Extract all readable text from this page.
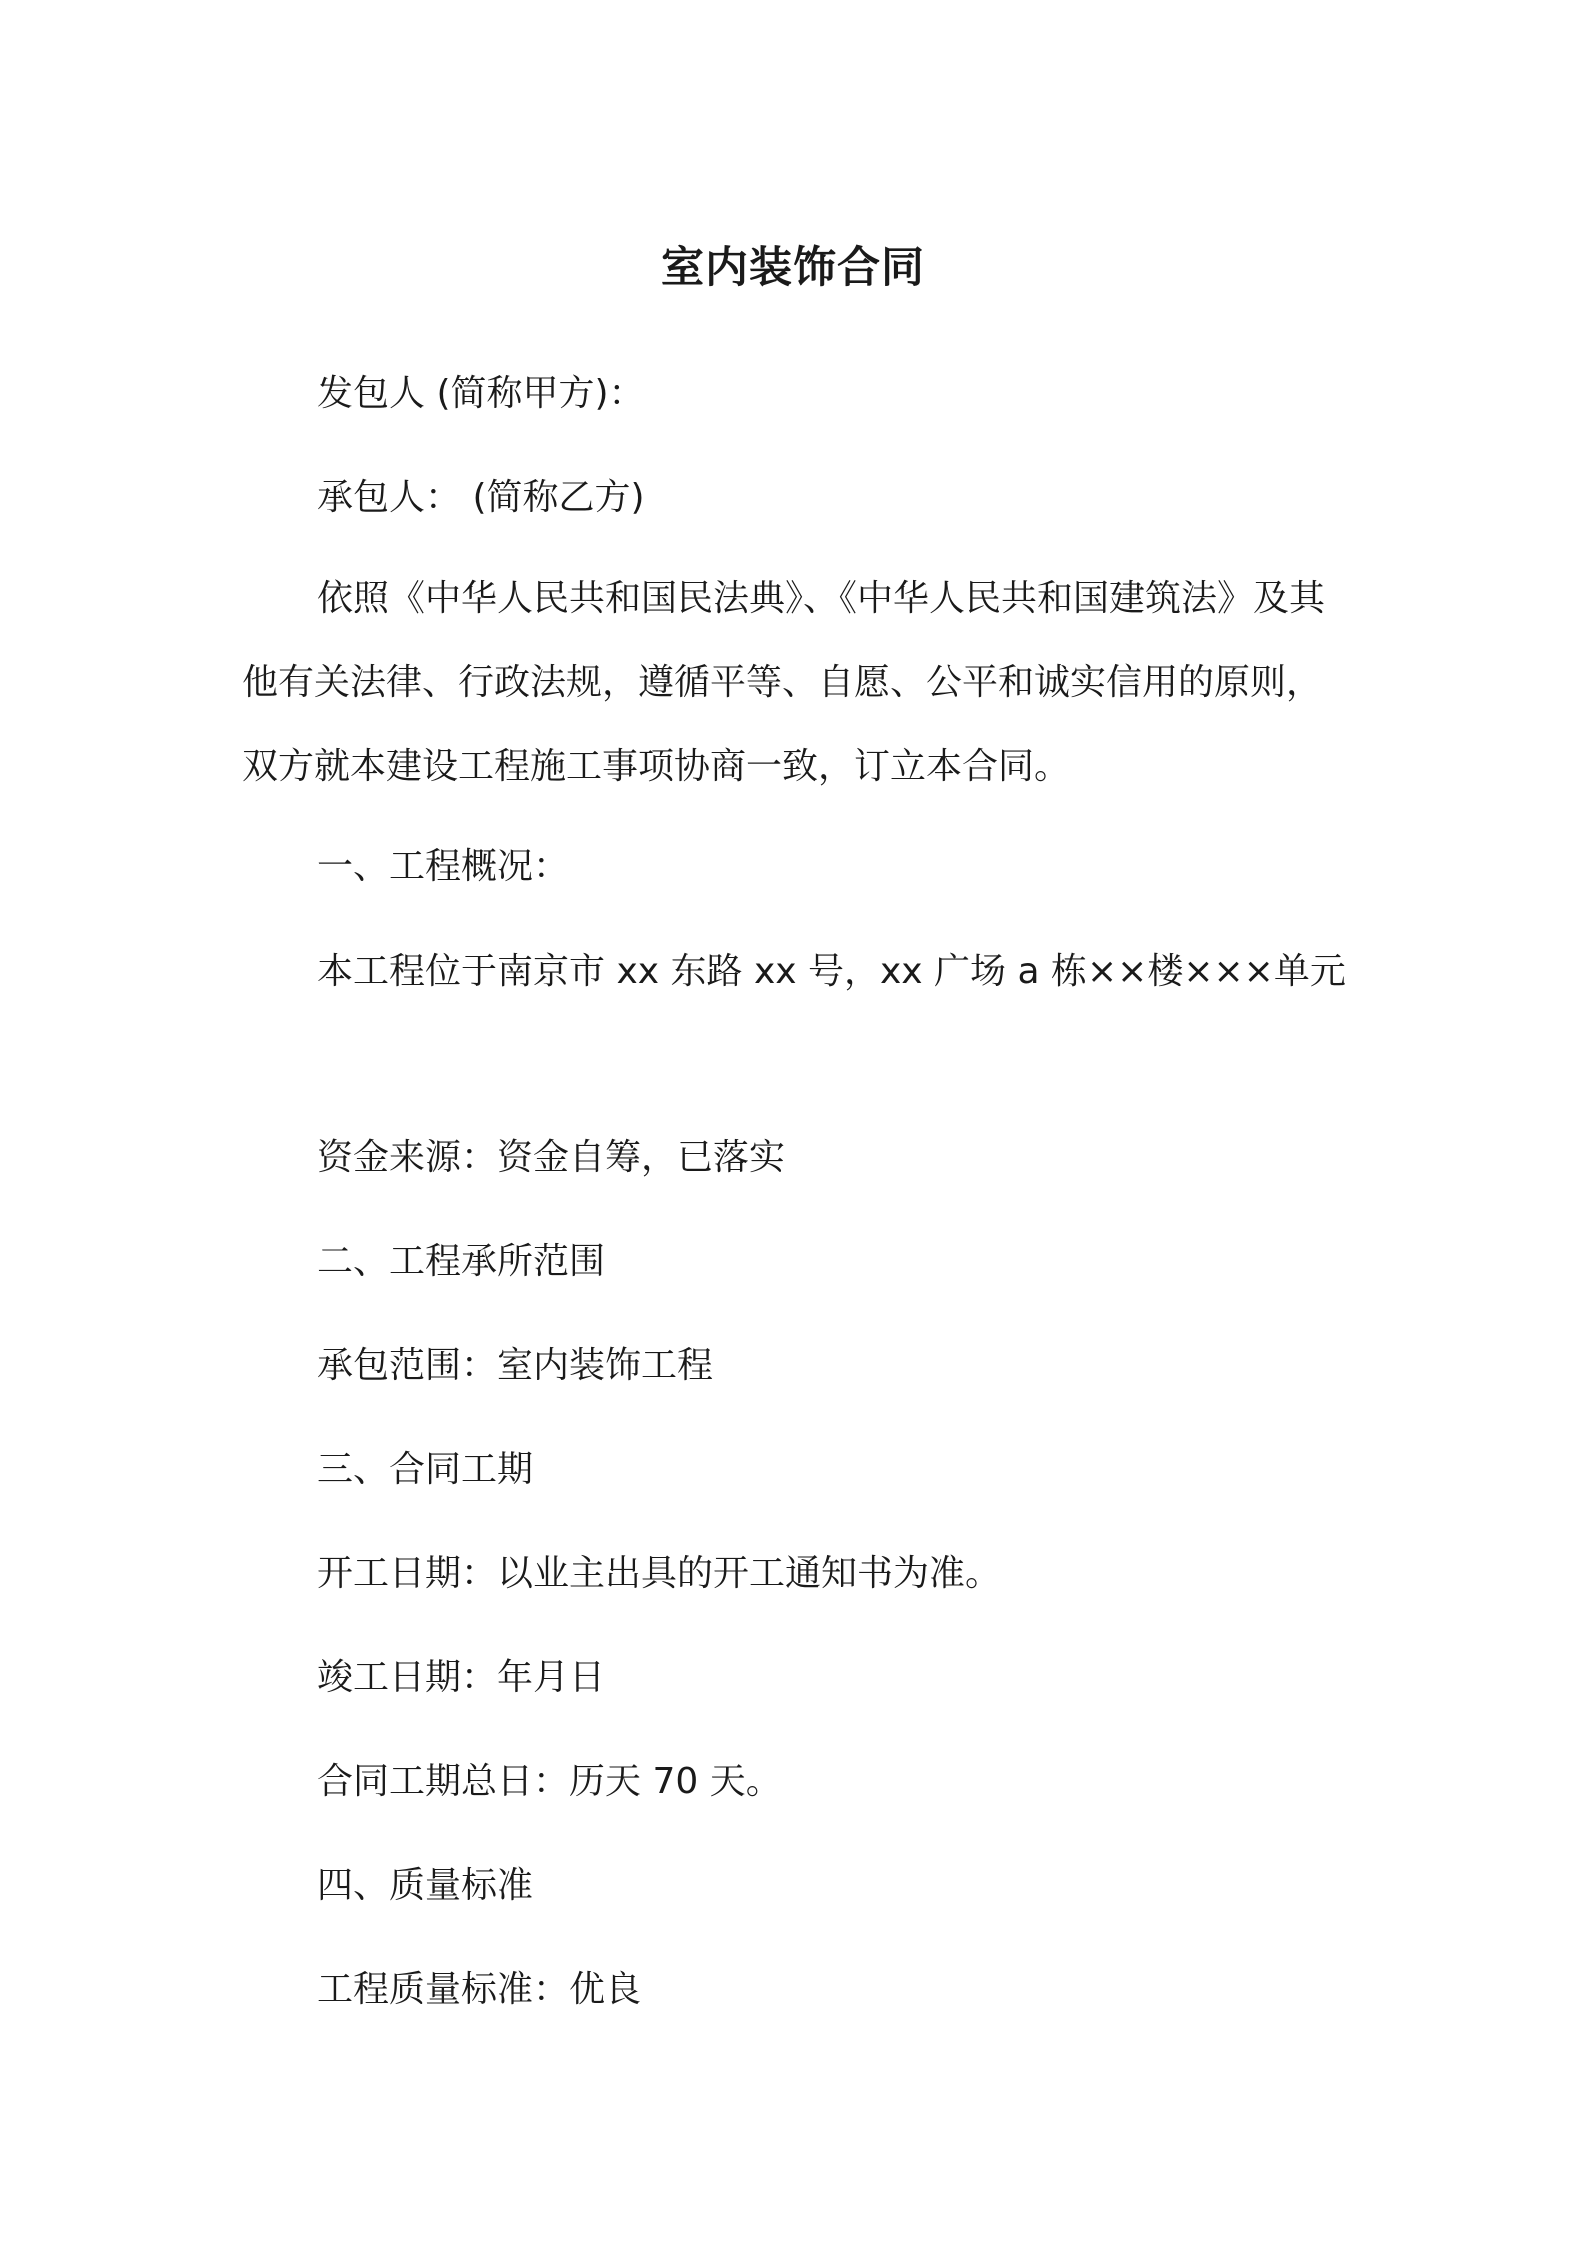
室内装饰合同

发包人 (简称甲方)：

承包人： (简称乙方)

依照《中华人民共和国民法典》、《中华人民共和国建筑法》及其他有关法律、行政法规，遵循平等、自愿、公平和诚实信用的原则，双方就本建设工程施工事项协商一致，订立本合同。

一、工程概况：

本工程位于南京市 xx 东路 xx 号，xx 广场 a 栋××楼×××单元

资金来源：资金自筹，已落实

二、工程承所范围

承包范围：室内装饰工程

三、合同工期

开工日期：以业主出具的开工通知书为准。

竣工日期：年月日

合同工期总日：历天 70 天。

四、质量标准

工程质量标准：优良
